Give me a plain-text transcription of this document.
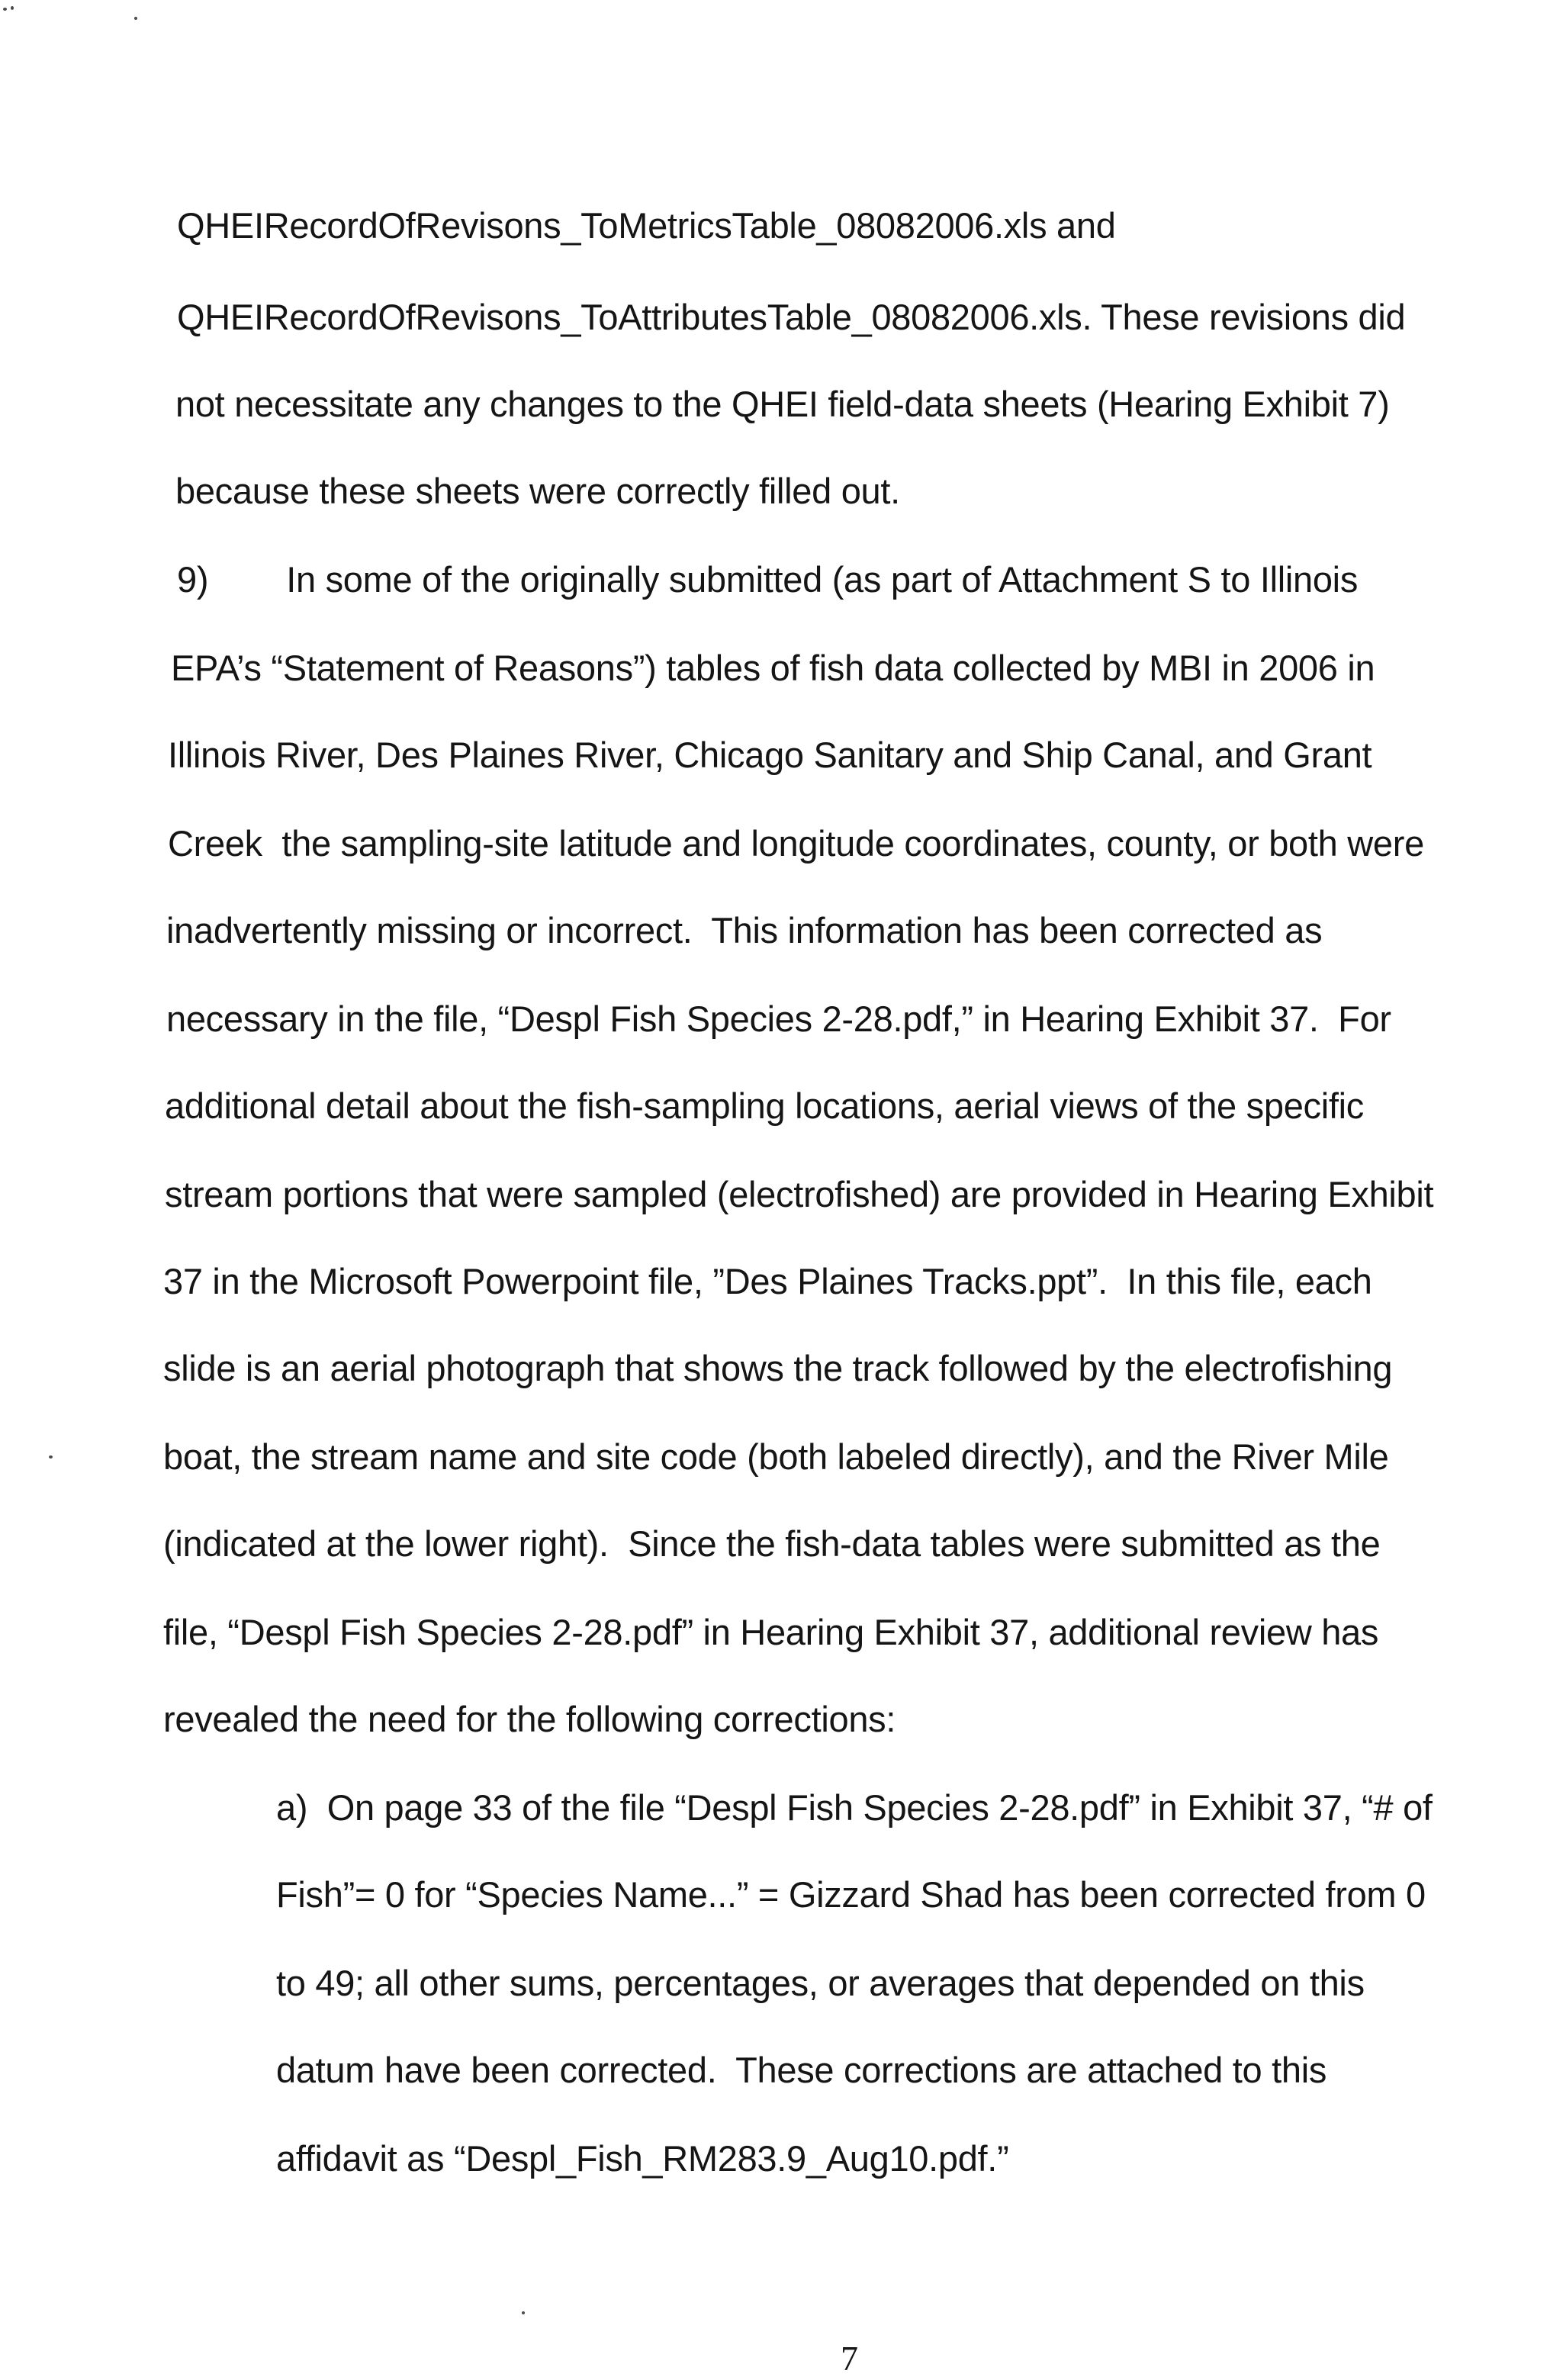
QHEIRecordOfRevisons_ToMetricsTable_08082006.xls and
QHEIRecordOfRevisons_ToAttributesTable_08082006.xls. These revisions did
not necessitate any changes to the QHEI field-data sheets (Hearing Exhibit 7)
because these sheets were correctly filled out.
9)        In some of the originally submitted (as part of Attachment S to Illinois
EPA’s “Statement of Reasons”) tables of fish data collected by MBI in 2006 in
Illinois River, Des Plaines River, Chicago Sanitary and Ship Canal, and Grant
Creek  the sampling-site latitude and longitude coordinates, county, or both were
inadvertently missing or incorrect.  This information has been corrected as
necessary in the file, “Despl Fish Species 2-28.pdf,” in Hearing Exhibit 37.  For
additional detail about the fish-sampling locations, aerial views of the specific
stream portions that were sampled (electrofished) are provided in Hearing Exhibit
37 in the Microsoft Powerpoint file, ”Des Plaines Tracks.ppt”.  In this file, each
slide is an aerial photograph that shows the track followed by the electrofishing
boat, the stream name and site code (both labeled directly), and the River Mile
(indicated at the lower right).  Since the fish-data tables were submitted as the
file, “Despl Fish Species 2-28.pdf” in Hearing Exhibit 37, additional review has
revealed the need for the following corrections:
a)  On page 33 of the file “Despl Fish Species 2-28.pdf” in Exhibit 37, “# of
Fish”= 0 for “Species Name...” = Gizzard Shad has been corrected from 0
to 49; all other sums, percentages, or averages that depended on this
datum have been corrected.  These corrections are attached to this
affidavit as “Despl_Fish_RM283.9_Aug10.pdf.”
7
